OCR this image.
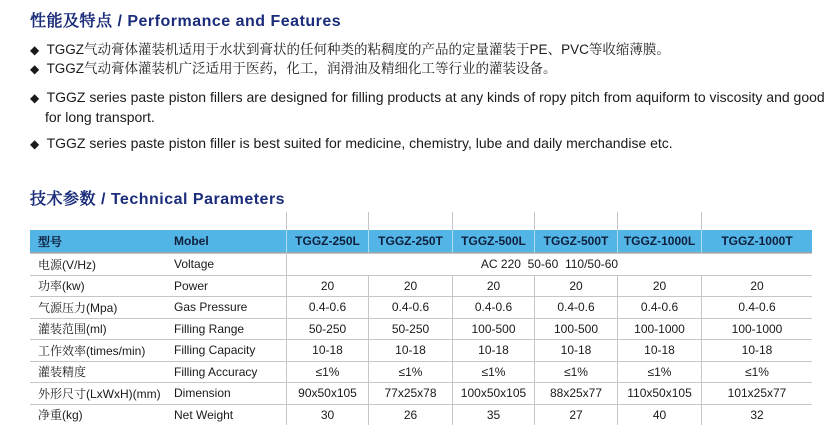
性能及特点 / Performance and Features
◆ TGGZ气动膏体灌装机适用于水状到膏状的任何种类的粘稠度的产品的定量灌装于PE、PVC等收缩薄膜。
◆ TGGZ气动膏体灌装机广泛适用于医药，化工，润滑油及精细化工等行业的灌装设备。
◆ TGGZ series paste piston fillers are designed for filling products at any kinds of ropy pitch from aquiform to viscosity and good for long transport.
◆ TGGZ series paste piston filler is best suited for medicine, chemistry, lube and daily merchandise etc.
技术参数 / Technical Parameters

型号	Mobel	TGGZ-250L	TGGZ-250T	TGGZ-500L	TGGZ-500T	TGGZ-1000L	TGGZ-1000T
电源(V/Hz)	Voltage	AC 220  50-60  110/50-60					
功率(kw)	Power	20	20	20	20	20	20
气源压力(Mpa)	Gas Pressure	0.4-0.6	0.4-0.6	0.4-0.6	0.4-0.6	0.4-0.6	0.4-0.6
灌装范围(ml)	Filling Range	50-250	50-250	100-500	100-500	100-1000	100-1000
工作效率(times/min)	Filling Capacity	10-18	10-18	10-18	10-18	10-18	10-18
灌装精度	Filling Accuracy	≤1%	≤1%	≤1%	≤1%	≤1%	≤1%
外形尺寸(LxWxH)(mm)	Dimension	90x50x105	77x25x78	100x50x105	88x25x77	110x50x105	101x25x77
净重(kg)	Net Weight	30	26	35	27	40	32
